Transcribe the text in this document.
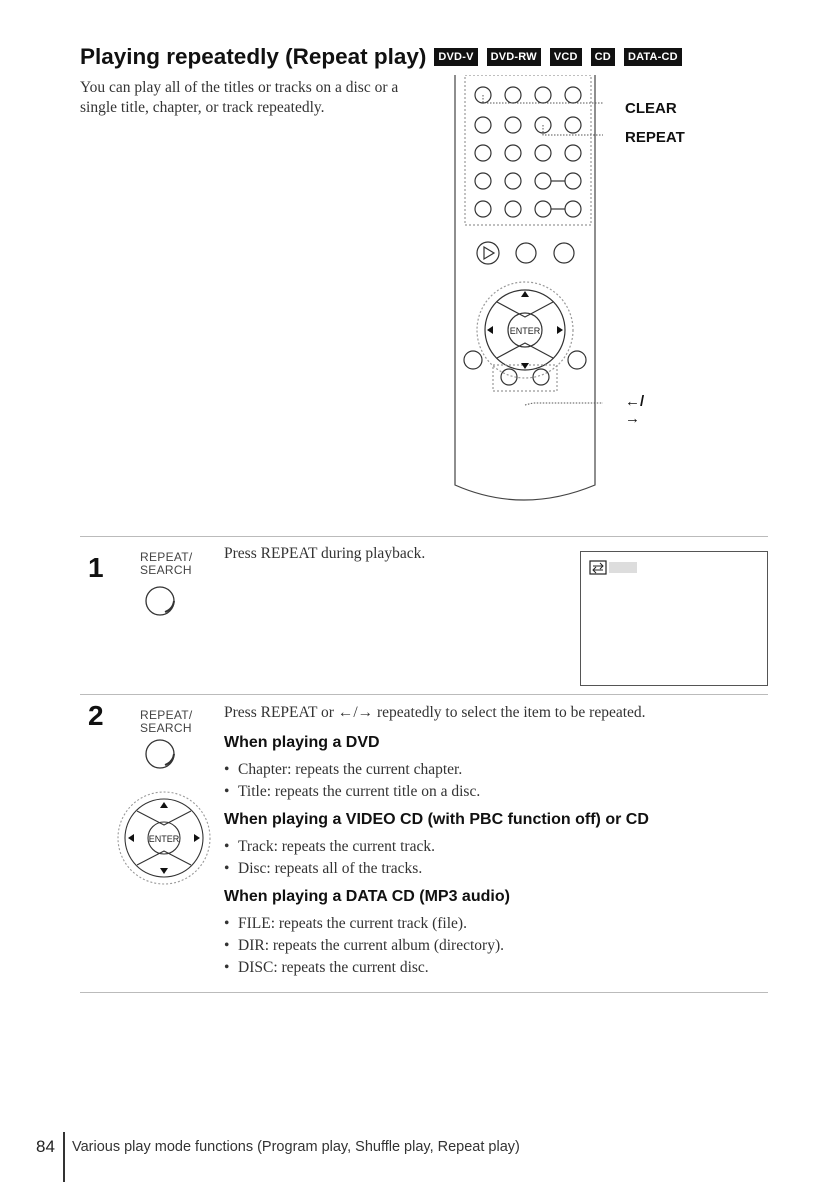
Playing repeatedly (Repeat play)	DVD-V	DVD-RW	VCD	CD	DATA-CD
You can play all of the titles or tracks on a disc or a single title, chapter, or track repeatedly.
ENTER
CLEAR
REPEAT
←/→
1	REPEAT/
SEARCH
Press REPEAT during playback.
2	REPEAT/
SEARCH
ENTER
Press REPEAT or ←/→ repeatedly to select the item to be repeated.
When playing a DVD
• Chapter: repeats the current chapter.
• Title: repeats the current title on a disc.
When playing a VIDEO CD (with PBC function off) or CD
• Track: repeats the current track.
• Disc: repeats all of the tracks.
When playing a DATA CD (MP3 audio)
• FILE: repeats the current track (file).
• DIR: repeats the current album (directory).
• DISC: repeats the current disc.
84 Various play mode functions (Program play, Shuffle play, Repeat play)
